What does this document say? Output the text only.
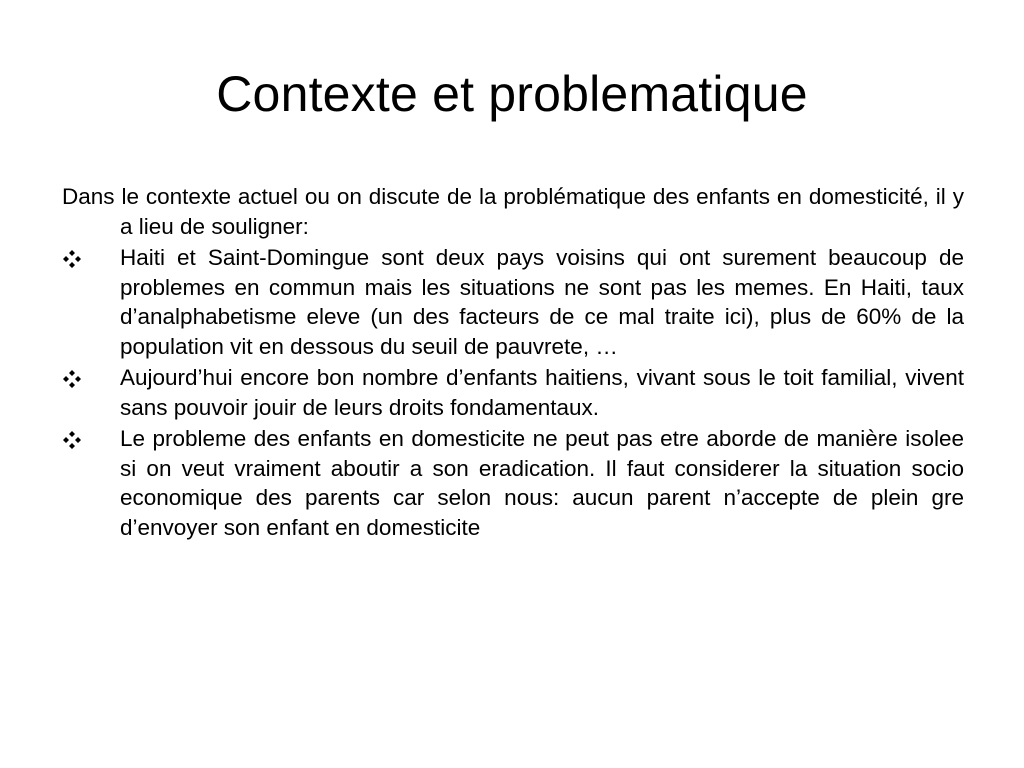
Contexte et problematique

Dans le contexte actuel ou on discute de la problématique des enfants en domesticité, il y a lieu de souligner:

Haiti et Saint-Domingue sont deux pays voisins qui ont surement beaucoup de problemes en commun mais les situations ne sont pas les memes. En Haiti, taux d’analphabetisme eleve (un des facteurs de ce mal traite ici), plus de 60% de la population vit en dessous du seuil de pauvrete, …
Aujourd’hui encore bon nombre d’enfants haitiens, vivant sous le toit familial, vivent sans pouvoir jouir de leurs droits fondamentaux.
Le probleme des enfants en domesticite ne peut pas etre aborde de manière isolee si on veut vraiment aboutir a son eradication. Il faut considerer la situation socio economique des parents car selon nous: aucun parent n’accepte de plein gre d’envoyer son enfant en domesticite
